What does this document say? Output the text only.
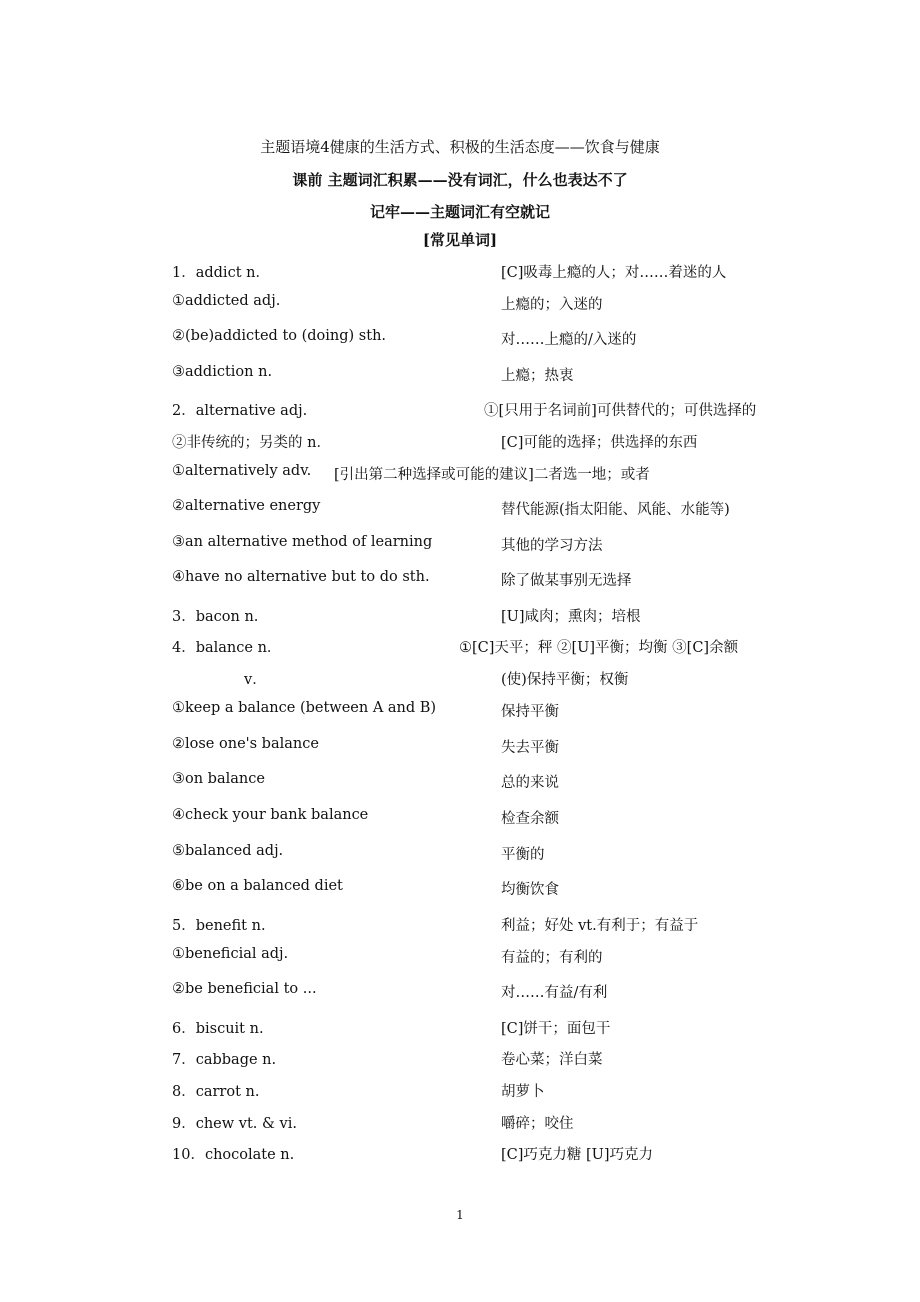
主题语境4健康的生活方式、积极的生活态度——饮食与健康
课前 主题词汇积累——没有词汇，什么也表达不了
记牢——主题词汇有空就记
[常见单词]
1．addict n．	[C]吸毒上瘾的人；对……着迷的人
①addicted adj.	上瘾的；入迷的
②(be)addicted to (doing) sth.	对……上瘾的/入迷的
③addiction n.	上瘾；热衷
2．alternative adj.	①[只用于名词前]可供替代的；可供选择的
②非传统的；另类的 n．	[C]可能的选择；供选择的东西
①alternatively adv. [引出第二种选择或可能的建议]二者选一地；或者
②alternative energy	替代能源(指太阳能、风能、水能等)
③an alternative method of learning	其他的学习方法
④have no alternative but to do sth.	除了做某事别无选择
3．bacon n.	[U]咸肉；熏肉；培根
4．balance n．	①[C]天平；秤 ②[U]平衡；均衡 ③[C]余额
v．	(使)保持平衡；权衡
①keep a balance (between A and B)	保持平衡
②lose one's balance	失去平衡
③on balance	总的来说
④check your bank balance	检查余额
⑤balanced adj.	平衡的
⑥be on a balanced diet	均衡饮食
5．benefit n.	利益；好处 vt.有利于；有益于
①beneficial adj.	有益的；有利的
②be beneficial to ...	对……有益/有利
6．biscuit n.	[C]饼干；面包干
7．cabbage n.	卷心菜；洋白菜
8．carrot n.	胡萝卜
9．chew vt. & vi.	嚼碎；咬住
10．chocolate n.	[C]巧克力糖 [U]巧克力
1
